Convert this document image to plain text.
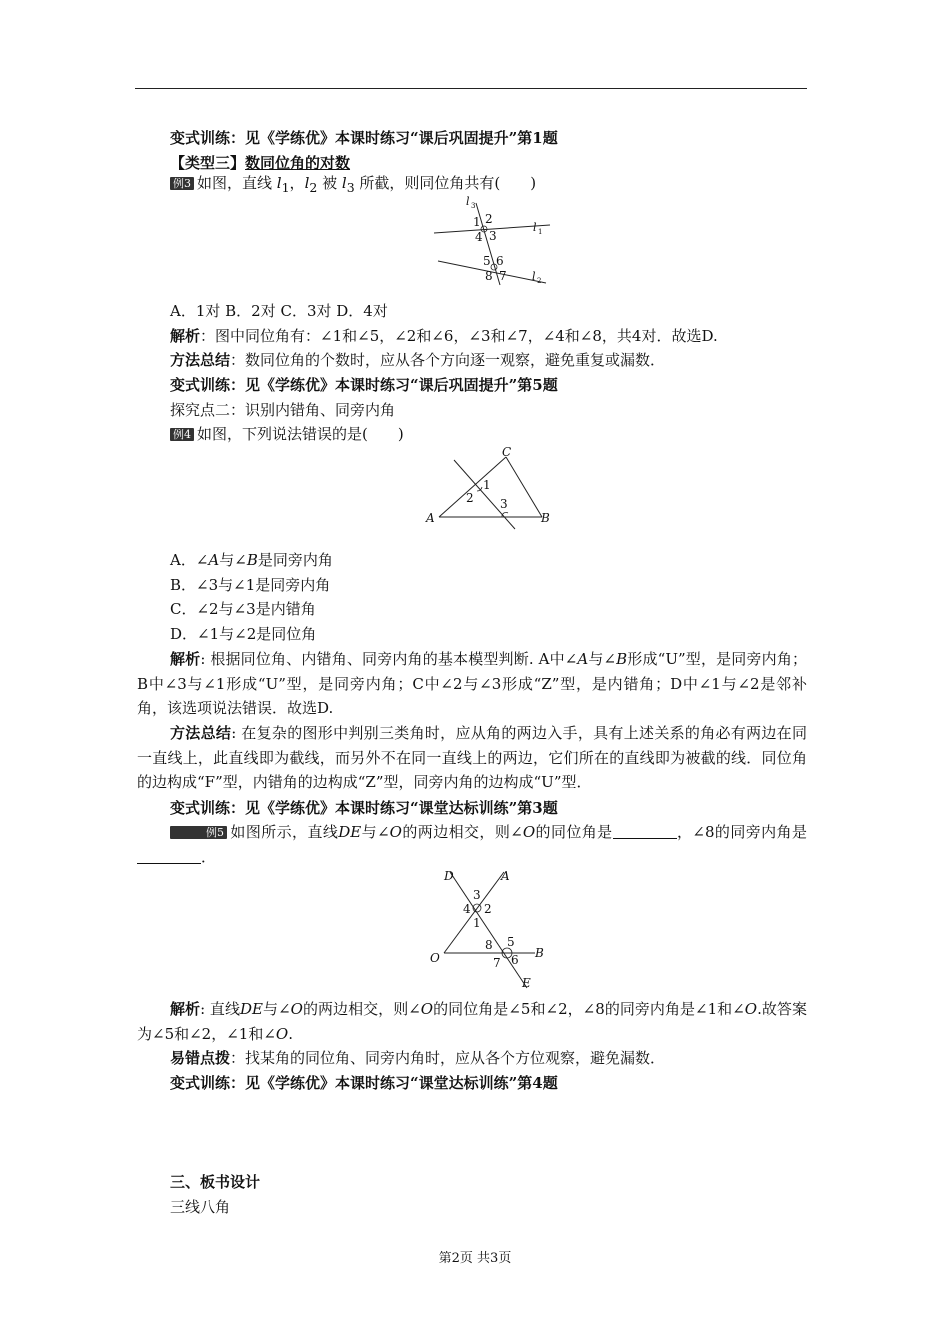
变式训练：见《学练优》本课时练习“课后巩固提升”第1题
【类型三】数同位角的对数
例3 如图，直线 $l_1$，$l_2$ 被 $l_3$ 所截，则同位角共有(　　)
l 3
1 2
4 3
l 1
5 6
8 7 l 2
A．1对 B．2对 C．3对 D．4对
解析：图中同位角有：∠1和∠5，∠2和∠6，∠3和∠7，∠4和∠8，共4对．故选D.
方法总结：数同位角的个数时，应从各个方向逐一观察，避免重复或漏数．
变式训练：见《学练优》本课时练习“课后巩固提升”第5题
探究点二：识别内错角、同旁内角
例4 如图，下列说法错误的是(　　)
C
1
2 3
A	B
A．∠A与∠B是同旁内角
B．∠3与∠1是同旁内角
C．∠2与∠3是内错角
D．∠1与∠2是同位角
解析: 根据同位角、内错角、同旁内角的基本模型判断. A中∠A与∠B形成“U”型，是同旁内角；B中∠3与∠1形成“U”型，是同旁内角；C中∠2与∠3形成“Z”型，是内错角；D中∠1与∠2是邻补角，该选项说法错误．故选D.
方法总结: 在复杂的图形中判别三类角时，应从角的两边入手，具有上述关系的角必有两边在同一直线上，此直线即为截线，而另外不在同一直线上的两边，它们所在的直线即为被截的线．同位角的边构成“F”型，内错角的边构成“Z”型，同旁内角的边构成“U”型．
变式训练：见《学练优》本课时练习“课堂达标训练”第3题
例5 如图所示，直线DE与∠O的两边相交，则∠O的同位角是	，∠8的同旁内角是．
D	A
3
4 2
1
8 5
B
O	7 6
E
解析: 直线DE与∠O的两边相交，则∠O的同位角是∠5和∠2，∠8的同旁内角是∠1和∠O.故答案为∠5和∠2，∠1和∠O.
易错点拨：找某角的同位角、同旁内角时，应从各个方位观察，避免漏数．
变式训练：见《学练优》本课时练习“课堂达标训练”第4题
三、板书设计
三线八角
第2页 共3页
